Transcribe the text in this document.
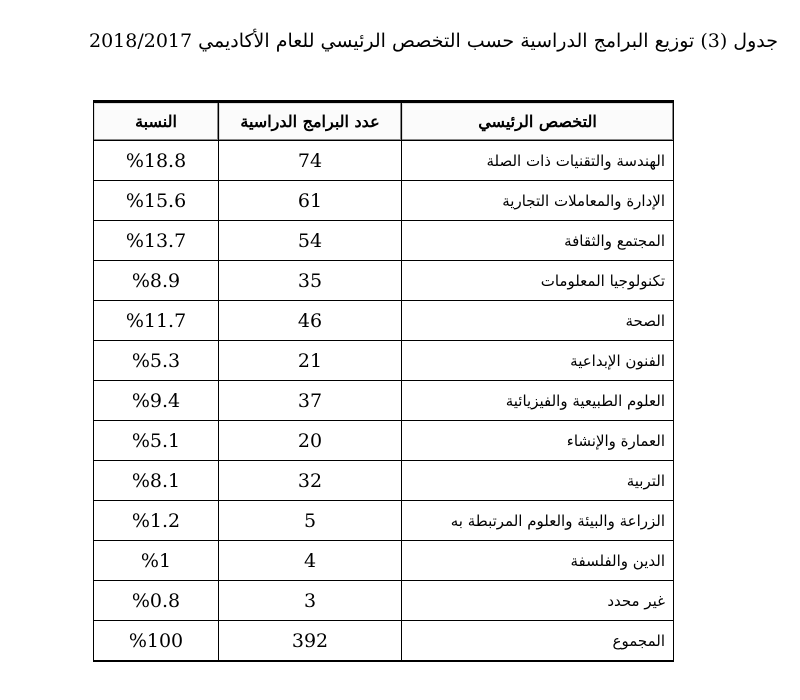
جدول (3) توزيع البرامج الدراسية حسب التخصص الرئيسي للعام الأكاديمي 2018/2017
التخصص الرئيسي	عدد البرامج الدراسية	النسبة
الهندسة والتقنيات ذات الصلة	74	%18.8
الإدارة والمعاملات التجارية	61	%15.6
المجتمع والثقافة	54	%13.7
تكنولوجيا المعلومات	35	%8.9
الصحة	46	%11.7
الفنون الإبداعية	21	%5.3
العلوم الطبيعية والفيزيائية	37	%9.4
العمارة والإنشاء	20	%5.1
التربية	32	%8.1
الزراعة والبيئة والعلوم المرتبطة به	5	%1.2
الدين والفلسفة	4	%1
غير محدد	3	%0.8
المجموع	392	%100
